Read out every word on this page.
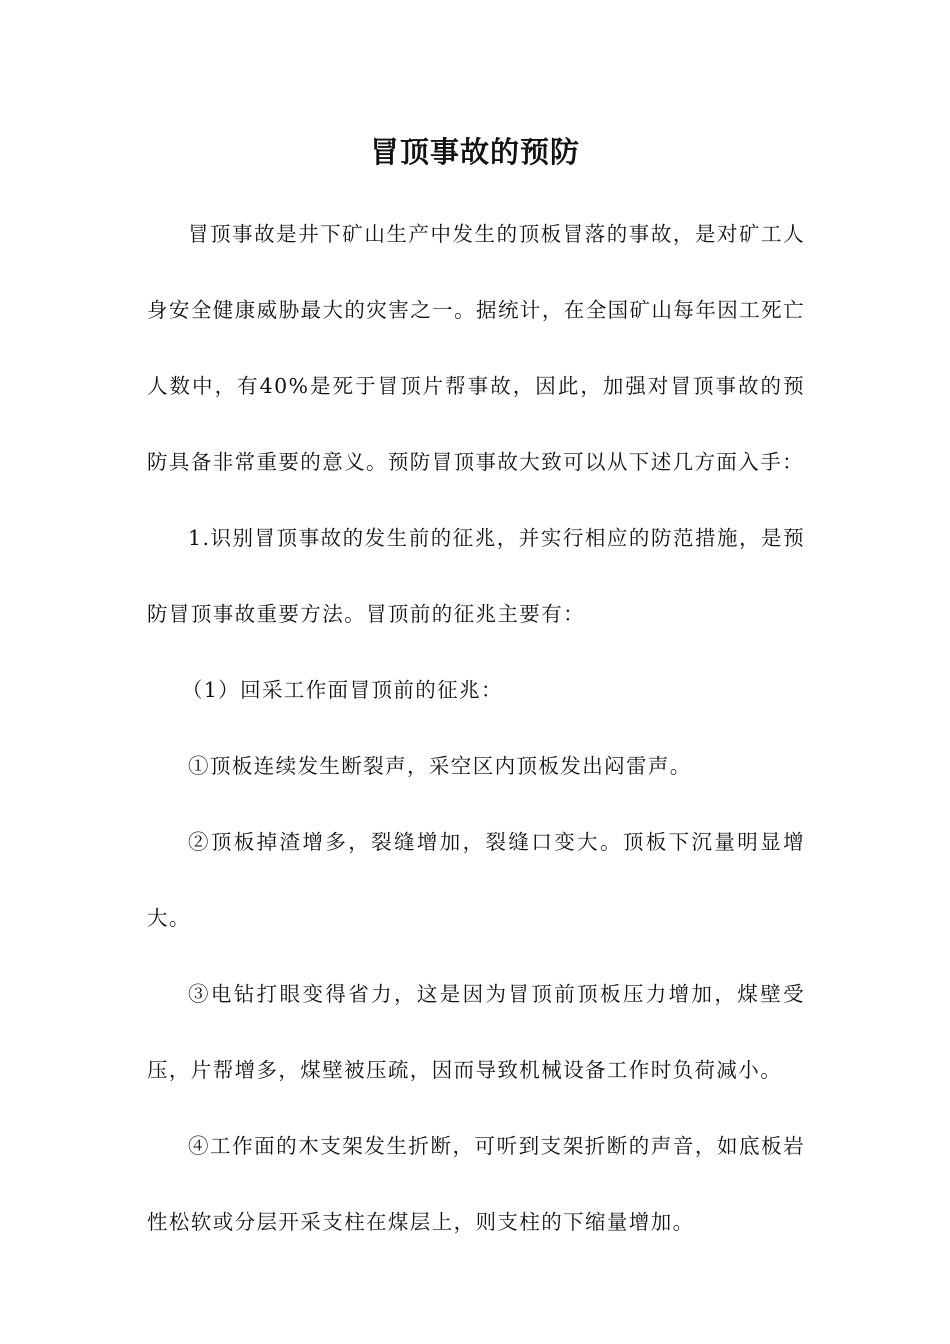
冒顶事故的预防

冒顶事故是井下矿山生产中发生的顶板冒落的事故，是对矿工人身安全健康威胁最大的灾害之一。据统计，在全国矿山每年因工死亡人数中，有40%是死于冒顶片帮事故，因此，加强对冒顶事故的预防具备非常重要的意义。预防冒顶事故大致可以从下述几方面入手：

1.识别冒顶事故的发生前的征兆，并实行相应的防范措施，是预防冒顶事故重要方法。冒顶前的征兆主要有：

（1）回采工作面冒顶前的征兆：

①顶板连续发生断裂声，采空区内顶板发出闷雷声。

②顶板掉渣增多，裂缝增加，裂缝口变大。顶板下沉量明显增大。

③电钻打眼变得省力，这是因为冒顶前顶板压力增加，煤壁受压，片帮增多，煤壁被压疏，因而导致机械设备工作时负荷减小。

④工作面的木支架发生折断，可听到支架折断的声音，如底板岩性松软或分层开采支柱在煤层上，则支柱的下缩量增加。
